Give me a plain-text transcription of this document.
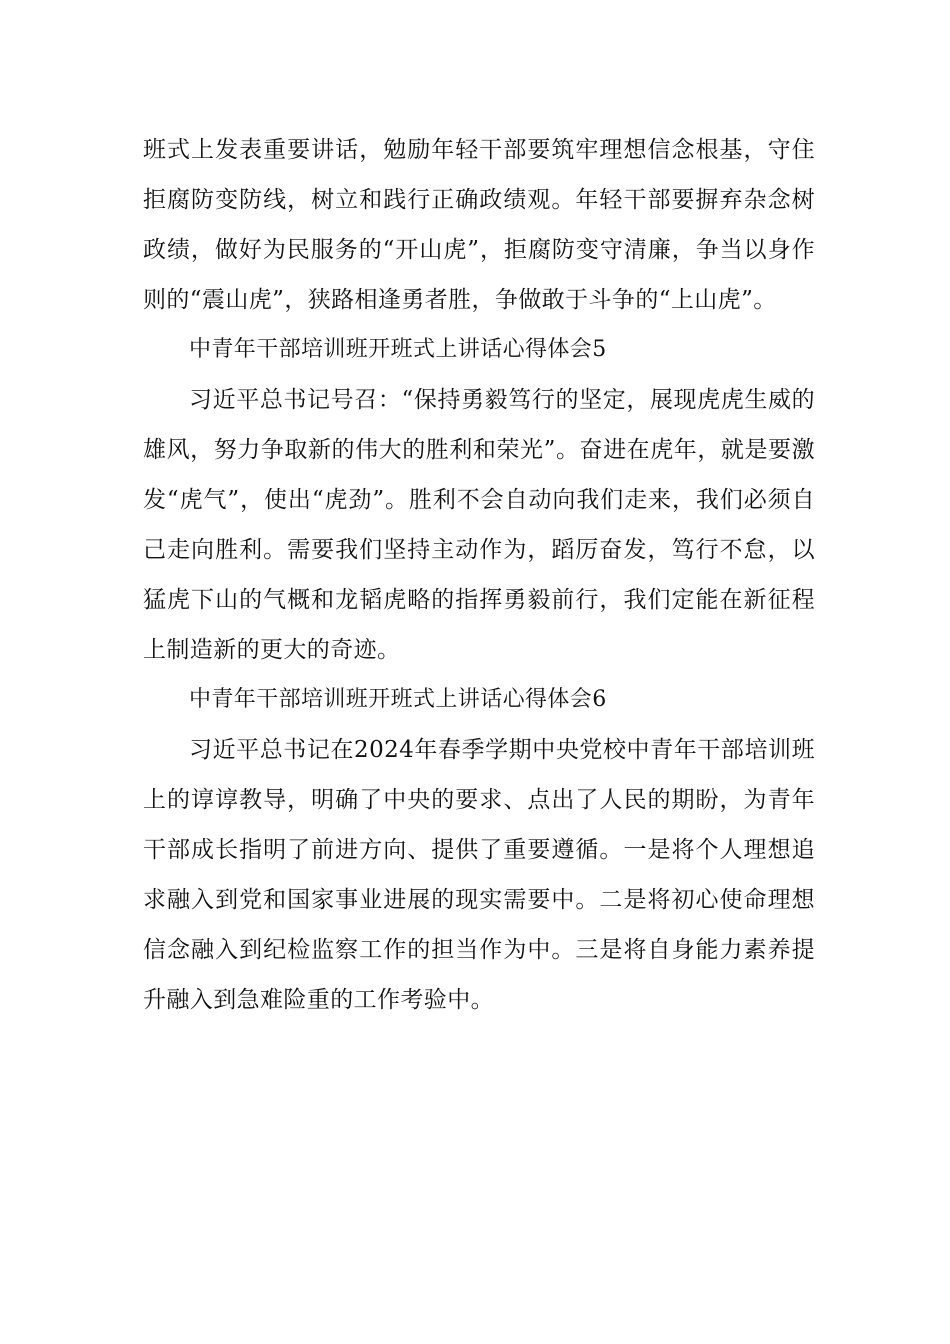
班式上发表重要讲话，勉励年轻干部要筑牢理想信念根基，守住拒腐防变防线，树立和践行正确政绩观。年轻干部要摒弃杂念树政绩，做好为民服务的“开山虎”，拒腐防变守清廉，争当以身作则的“震山虎”，狭路相逢勇者胜，争做敢于斗争的“上山虎”。

中青年干部培训班开班式上讲话心得体会5

习近平总书记号召：“保持勇毅笃行的坚定，展现虎虎生威的雄风，努力争取新的伟大的胜利和荣光”。奋进在虎年，就是要激发“虎气”，使出“虎劲”。胜利不会自动向我们走来，我们必须自己走向胜利。需要我们坚持主动作为，蹈厉奋发，笃行不怠，以猛虎下山的气概和龙韬虎略的指挥勇毅前行，我们定能在新征程上制造新的更大的奇迹。

中青年干部培训班开班式上讲话心得体会6

习近平总书记在2024年春季学期中央党校中青年干部培训班上的谆谆教导，明确了中央的要求、点出了人民的期盼，为青年干部成长指明了前进方向、提供了重要遵循。一是将个人理想追求融入到党和国家事业进展的现实需要中。二是将初心使命理想信念融入到纪检监察工作的担当作为中。三是将自身能力素养提升融入到急难险重的工作考验中。
